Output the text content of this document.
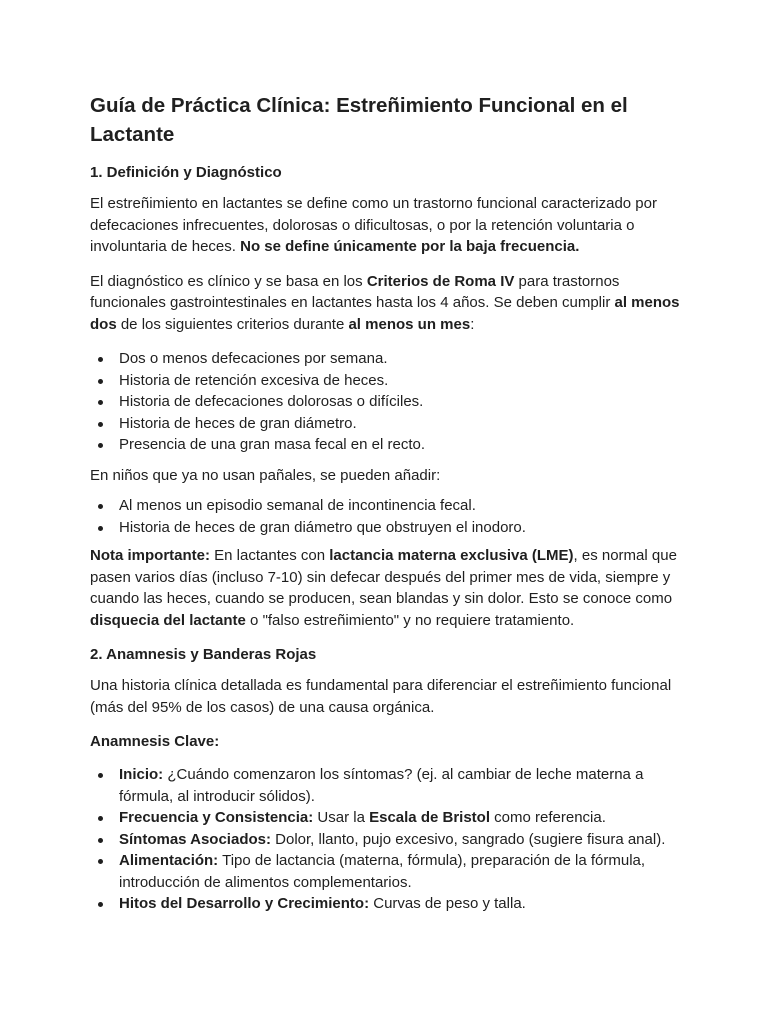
Guía de Práctica Clínica: Estreñimiento Funcional en el Lactante
1. Definición y Diagnóstico

El estreñimiento en lactantes se define como un trastorno funcional caracterizado por defecaciones infrecuentes, dolorosas o dificultosas, o por la retención voluntaria o involuntaria de heces. No se define únicamente por la baja frecuencia.

El diagnóstico es clínico y se basa en los Criterios de Roma IV para trastornos funcionales gastrointestinales en lactantes hasta los 4 años. Se deben cumplir al menos dos de los siguientes criterios durante al menos un mes:

Dos o menos defecaciones por semana.
Historia de retención excesiva de heces.
Historia de defecaciones dolorosas o difíciles.
Historia de heces de gran diámetro.
Presencia de una gran masa fecal en el recto.

En niños que ya no usan pañales, se pueden añadir:

Al menos un episodio semanal de incontinencia fecal.
Historia de heces de gran diámetro que obstruyen el inodoro.

Nota importante: En lactantes con lactancia materna exclusiva (LME), es normal que pasen varios días (incluso 7-10) sin defecar después del primer mes de vida, siempre y cuando las heces, cuando se producen, sean blandas y sin dolor. Esto se conoce como disquecia del lactante o "falso estreñimiento" y no requiere tratamiento.

2. Anamnesis y Banderas Rojas

Una historia clínica detallada es fundamental para diferenciar el estreñimiento funcional (más del 95% de los casos) de una causa orgánica.

Anamnesis Clave:
Inicio: ¿Cuándo comenzaron los síntomas? (ej. al cambiar de leche materna a fórmula, al introducir sólidos).
Frecuencia y Consistencia: Usar la Escala de Bristol como referencia.
Síntomas Asociados: Dolor, llanto, pujo excesivo, sangrado (sugiere fisura anal).
Alimentación: Tipo de lactancia (materna, fórmula), preparación de la fórmula, introducción de alimentos complementarios.
Hitos del Desarrollo y Crecimiento: Curvas de peso y talla.
